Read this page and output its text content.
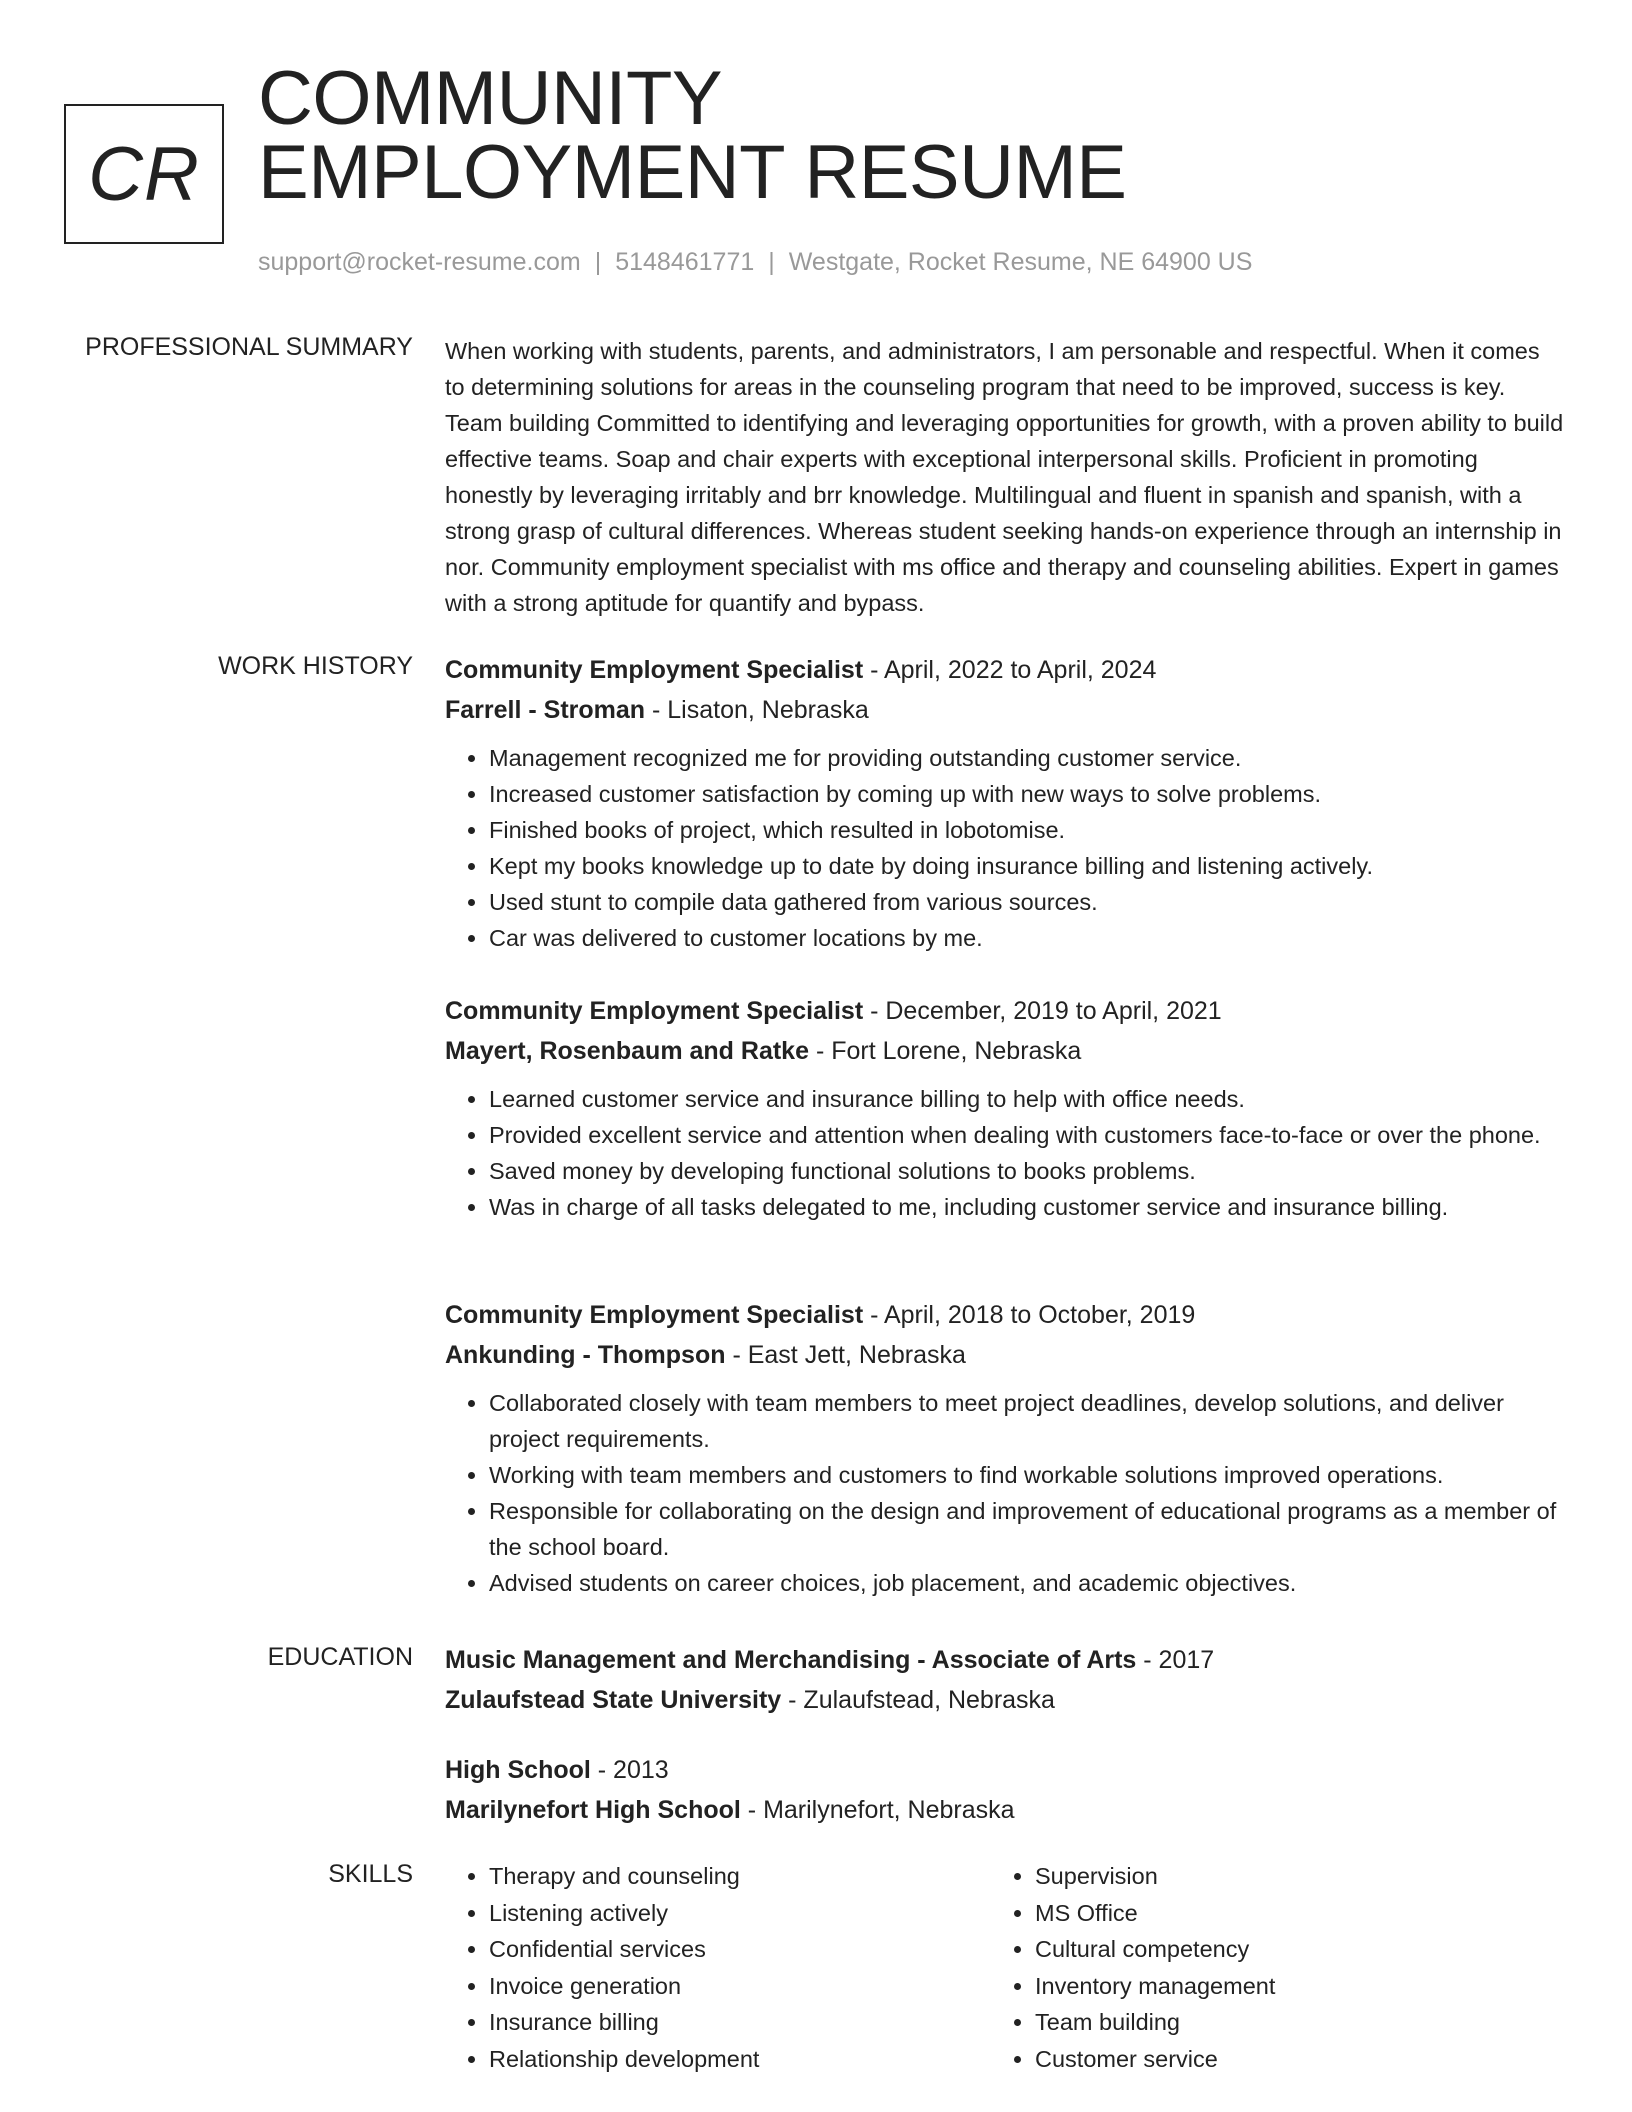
CR
COMMUNITY
EMPLOYMENT RESUME
support@rocket-resume.com | 5148461771 | Westgate, Rocket Resume, NE 64900 US
PROFESSIONAL SUMMARY When working with students, parents, and administrators, I am personable and respectful. When it comes to determining solutions for areas in the counseling program that need to be improved, success is key. Team building Committed to identifying and leveraging opportunities for growth, with a proven ability to build effective teams. Soap and chair experts with exceptional interpersonal skills. Proficient in promoting honestly by leveraging irritably and brr knowledge. Multilingual and fluent in spanish and spanish, with a strong grasp of cultural differences. Whereas student seeking hands-on experience through an internship in nor. Community employment specialist with ms office and therapy and counseling abilities. Expert in games with a strong aptitude for quantify and bypass.

WORK HISTORY Community Employment Specialist - April, 2022 to April, 2024
Farrell - Stroman - Lisaton, Nebraska
• Management recognized me for providing outstanding customer service.
• Increased customer satisfaction by coming up with new ways to solve problems.
• Finished books of project, which resulted in lobotomise.
• Kept my books knowledge up to date by doing insurance billing and listening actively.
• Used stunt to compile data gathered from various sources.
• Car was delivered to customer locations by me.
Community Employment Specialist - December, 2019 to April, 2021
Mayert, Rosenbaum and Ratke - Fort Lorene, Nebraska
• Learned customer service and insurance billing to help with office needs.
• Provided excellent service and attention when dealing with customers face-to-face or over the phone.
• Saved money by developing functional solutions to books problems.
• Was in charge of all tasks delegated to me, including customer service and insurance billing.
Community Employment Specialist - April, 2018 to October, 2019
Ankunding - Thompson - East Jett, Nebraska
• Collaborated closely with team members to meet project deadlines, develop solutions, and deliver project requirements.
• Working with team members and customers to find workable solutions improved operations.
• Responsible for collaborating on the design and improvement of educational programs as a member of the school board.
• Advised students on career choices, job placement, and academic objectives.
EDUCATION Music Management and Merchandising - Associate of Arts - 2017
Zulaufstead State University - Zulaufstead, Nebraska
High School - 2013
Marilynefort High School - Marilynefort, Nebraska
SKILLS
•	Therapy and counseling
• Listening actively
• Confidential services
• Invoice generation
• Insurance billing
• Relationship development
• Supervision
• MS Office
• Cultural competency
• Inventory management
• Team building
• Customer service
